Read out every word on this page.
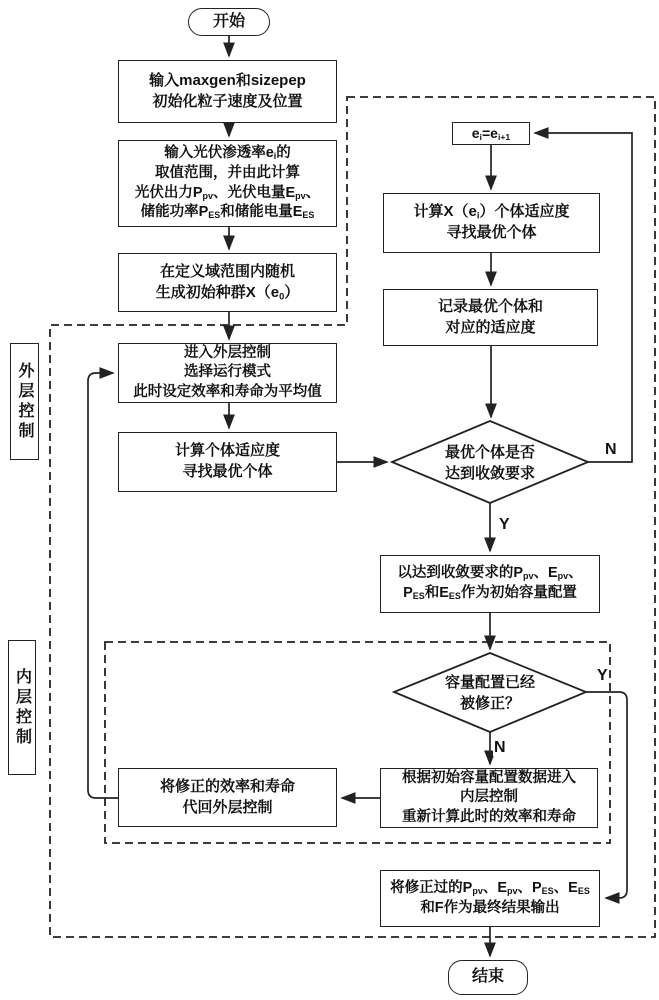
开始
输入maxgen和sizepep
初始化粒子速度及位置
输入光伏渗透率$e_i$的
取值范围，并由此计算
光伏出力$P_{pv}$、光伏电量$E_{pv}$、
储能功率$P_{ES}$和储能电量$E_{ES}$
在定义域范围内随机
生成初始种群$X(e_0)$
进入外层控制
选择运行模式
此时设定效率和寿命为平均值
计算个体适应度
寻找最优个体
$e_i=e_{i+1}$
计算$X(e_i)$个体适应度
寻找最优个体
记录最优个体和
对应的适应度
最优个体是否
达到收敛要求
以达到收敛要求的$P_{pv}$、$E_{pv}$、
$P_{ES}$和$E_{ES}$作为初始容量配置
容量配置已经
被修正？
根据初始容量配置数据进入
内层控制
重新计算此时的效率和寿命
将修正的效率和寿命
代回外层控制
将修正过的$P_{pv}$、$E_{pv}$、$P_{ES}$、$E_{ES}$
和F作为最终结果输出
结束
外层控制
内层控制
N
Y
Y
N
